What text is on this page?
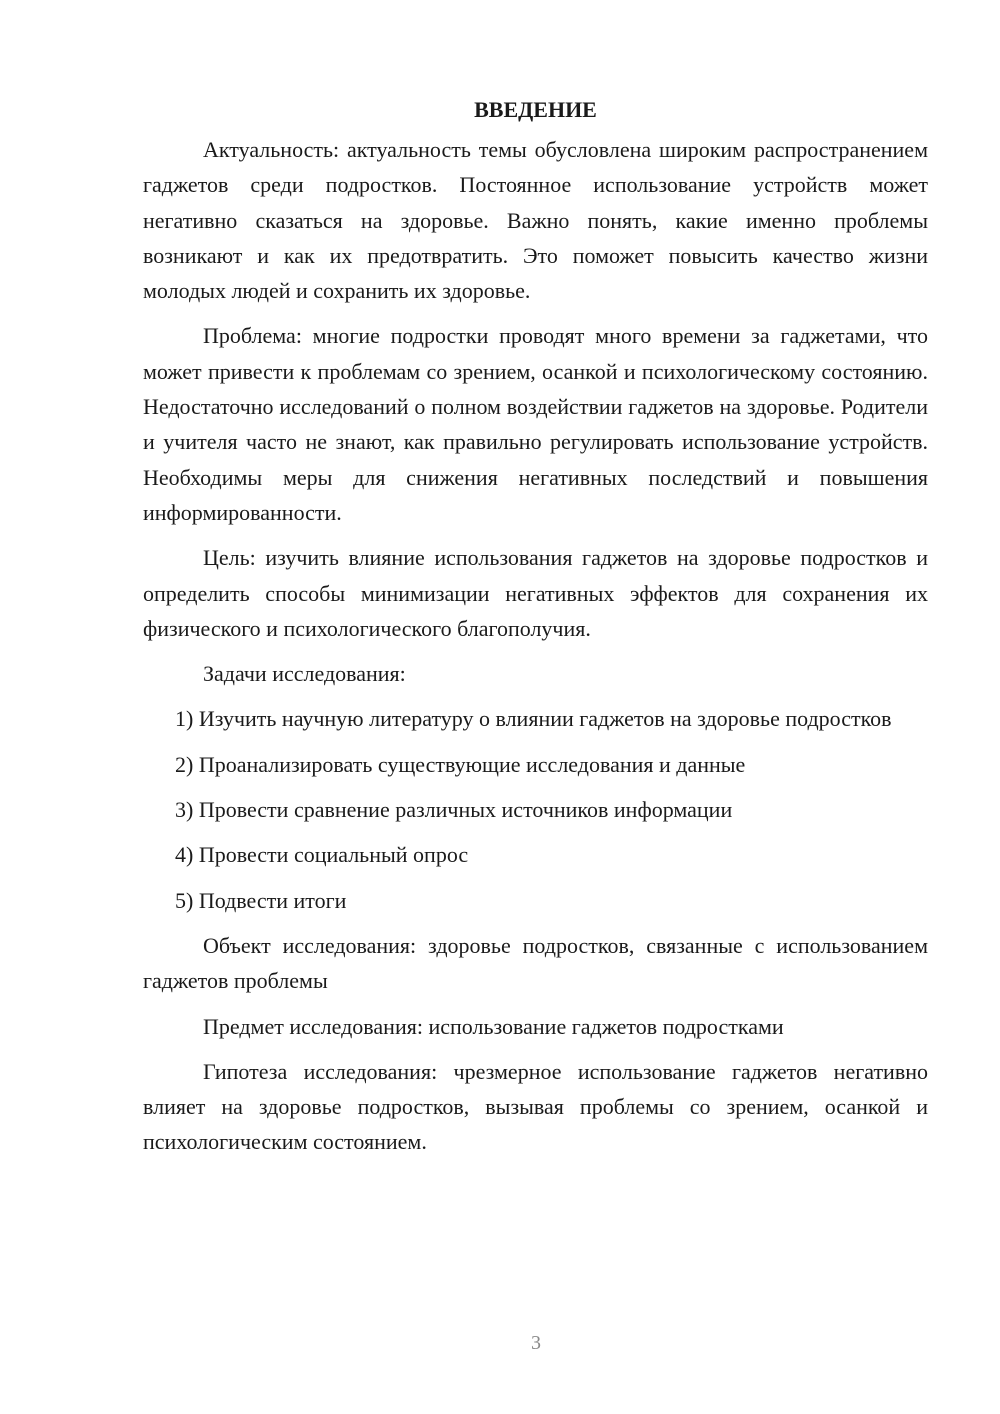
ВВЕДЕНИЕ

Актуальность: актуальность темы обусловлена широким распространением гаджетов среди подростков. Постоянное использование устройств может негативно сказаться на здоровье. Важно понять, какие именно проблемы возникают и как их предотвратить. Это поможет повысить качество жизни молодых людей и сохранить их здоровье.

Проблема: многие подростки проводят много времени за гаджетами, что может привести к проблемам со зрением, осанкой и психологическому состоянию. Недостаточно исследований о полном воздействии гаджетов на здоровье. Родители и учителя часто не знают, как правильно регулировать использование устройств. Необходимы меры для снижения негативных последствий и повышения информированности.

Цель: изучить влияние использования гаджетов на здоровье подростков и определить способы минимизации негативных эффектов для сохранения их физического и психологического благополучия.

Задачи исследования:

1) Изучить научную литературу о влиянии гаджетов на здоровье подростков

2) Проанализировать существующие исследования и данные

3) Провести сравнение различных источников информации

4) Провести социальный опрос

5) Подвести итоги

Объект исследования: здоровье подростков, связанные с использованием гаджетов проблемы

Предмет исследования: использование гаджетов подростками

Гипотеза исследования: чрезмерное использование гаджетов негативно влияет на здоровье подростков, вызывая проблемы со зрением, осанкой и психологическим состоянием.

3
